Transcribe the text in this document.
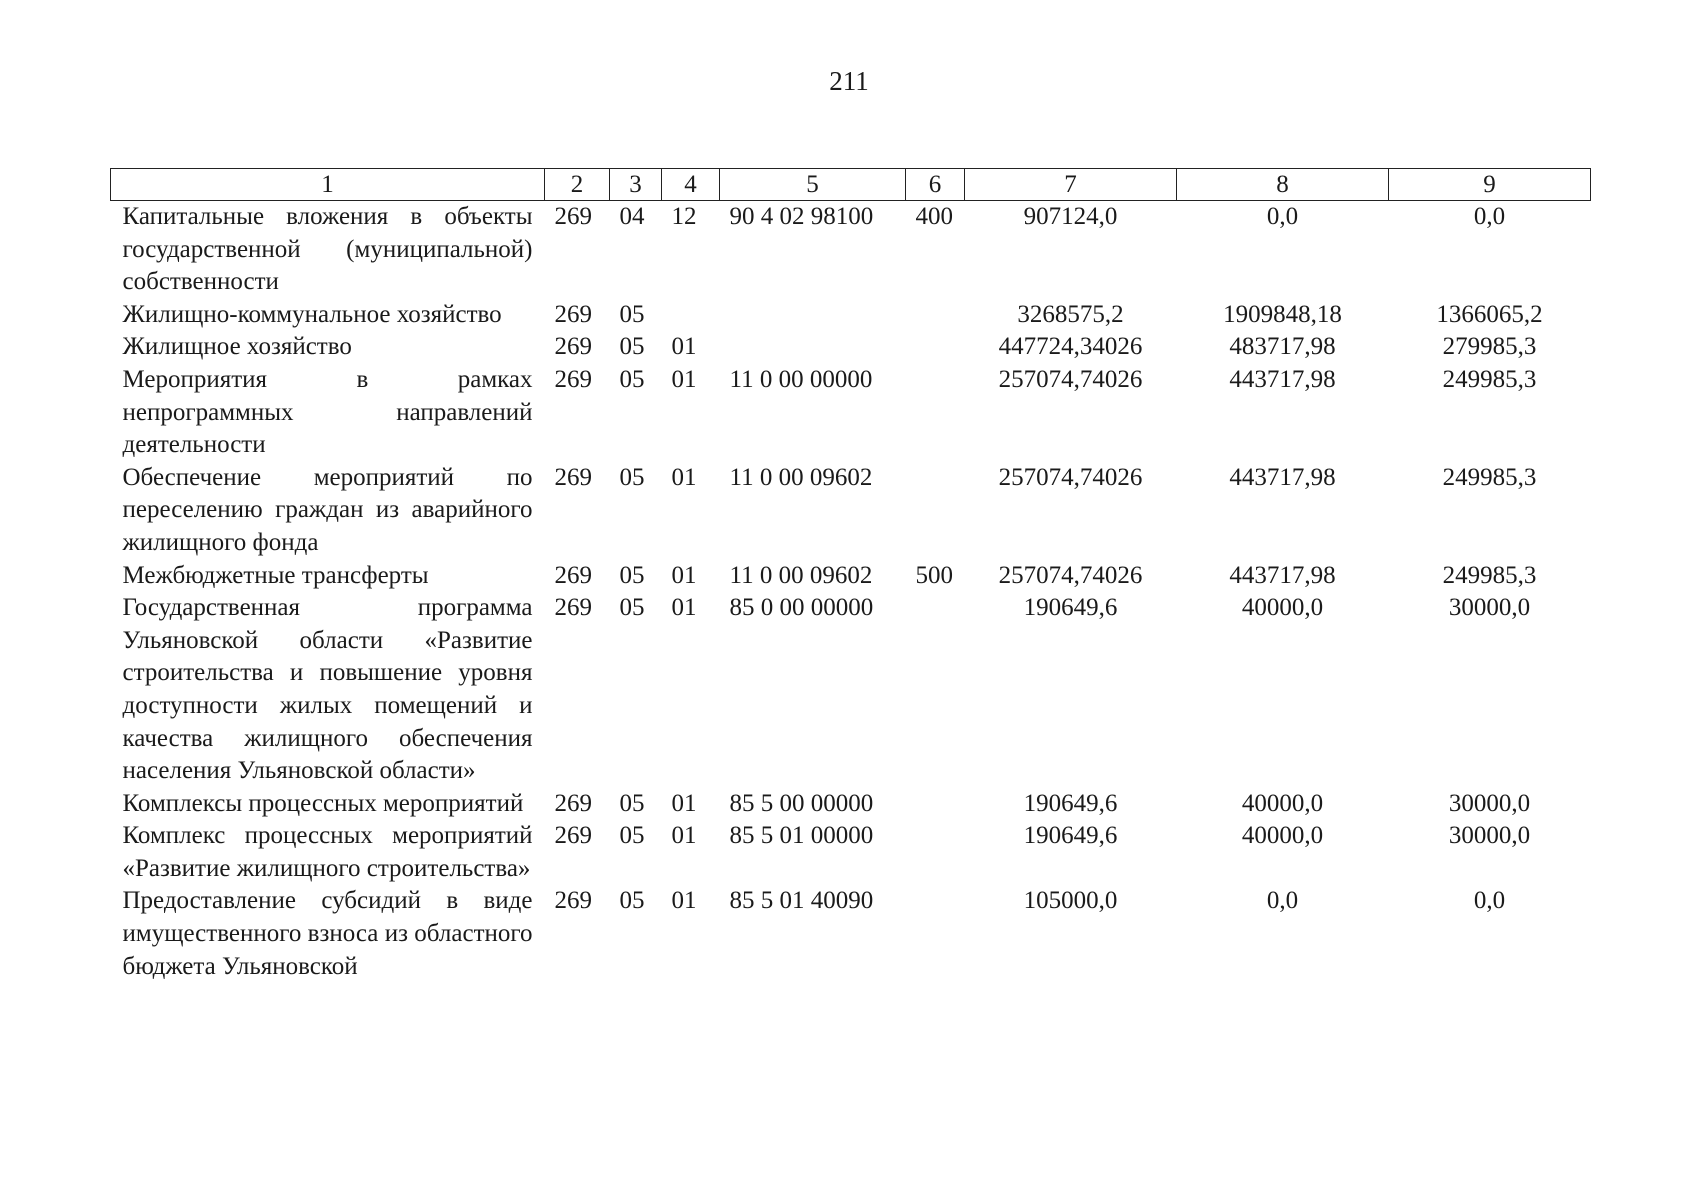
211
1	2	3	4	5	6	7	8	9
Капитальные вложения в объекты государственной (муниципальной) собственности	269	04	12	90 4 02 98100	400	907124,0	0,0	0,0
Жилищно-коммунальное хозяйство	269	05				3268575,2	1909848,18	1366065,2
Жилищное хозяйство	269	05	01			447724,34026	483717,98	279985,3
Мероприятия в рамках непрограммных направлений деятельности	269	05	01	11 0 00 00000		257074,74026	443717,98	249985,3
Обеспечение мероприятий по переселению граждан из аварийного жилищного фонда	269	05	01	11 0 00 09602		257074,74026	443717,98	249985,3
Межбюджетные трансферты	269	05	01	11 0 00 09602	500	257074,74026	443717,98	249985,3
Государственная программа Ульяновской области «Развитие строительства и повышение уровня доступности жилых помещений и качества жилищного обеспечения населения Ульяновской области»	269	05	01	85 0 00 00000		190649,6	40000,0	30000,0
Комплексы процессных мероприятий	269	05	01	85 5 00 00000		190649,6	40000,0	30000,0
Комплекс процессных мероприятий «Развитие жилищного строительства»	269	05	01	85 5 01 00000		190649,6	40000,0	30000,0
Предоставление субсидий в виде имущественного взноса из областного бюджета Ульяновской	269	05	01	85 5 01 40090		105000,0	0,0	0,0
